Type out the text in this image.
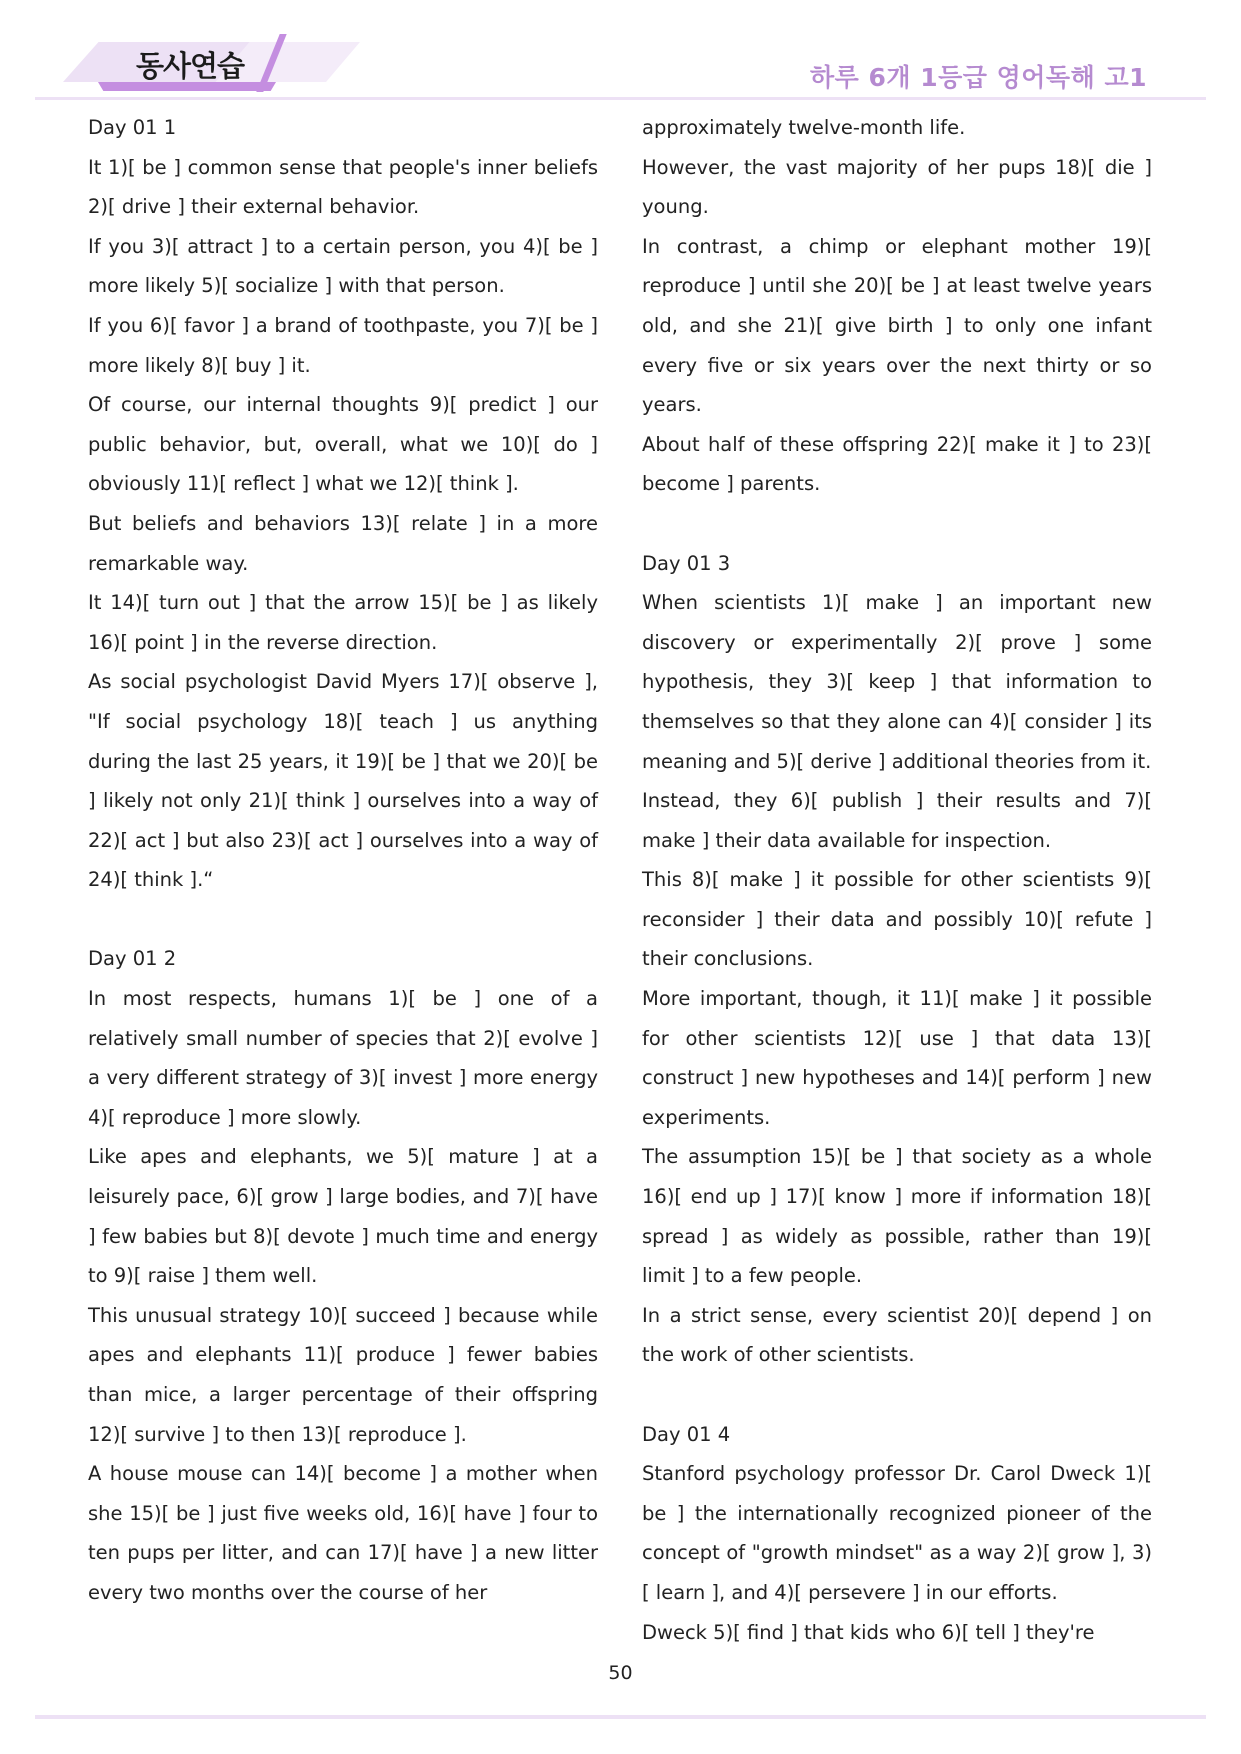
동사연습	하루 6개 1등급 영어독해 고1

Day 01 1

It 1)[ be ] common sense that people's inner beliefs 2)[ drive ] their external behavior.

If you 3)[ attract ] to a certain person, you 4)[ be ] more likely 5)[ socialize ] with that person.

If you 6)[ favor ] a brand of toothpaste, you 7)[ be ] more likely 8)[ buy ] it.

Of course, our internal thoughts 9)[ predict ] our public behavior, but, overall, what we 10)[ do ] obviously 11)[ reflect ] what we 12)[ think ].

But beliefs and behaviors 13)[ relate ] in a more remarkable way.

It 14)[ turn out ] that the arrow 15)[ be ] as likely 16)[ point ] in the reverse direction.

As social psychologist David Myers 17)[ observe ], "If social psychology 18)[ teach ] us anything during the last 25 years, it 19)[ be ] that we 20)[ be ] likely not only 21)[ think ] ourselves into a way of 22)[ act ] but also 23)[ act ] ourselves into a way of 24)[ think ].“

Day 01 2

In most respects, humans 1)[ be ] one of a relatively small number of species that 2)[ evolve ] a very different strategy of 3)[ invest ] more energy 4)[ reproduce ] more slowly.

Like apes and elephants, we 5)[ mature ] at a leisurely pace, 6)[ grow ] large bodies, and 7)[ have ] few babies but 8)[ devote ] much time and energy to 9)[ raise ] them well.

This unusual strategy 10)[ succeed ] because while apes and elephants 11)[ produce ] fewer babies than mice, a larger percentage of their offspring 12)[ survive ] to then 13)[ reproduce ].

A house mouse can 14)[ become ] a mother when she 15)[ be ] just five weeks old, 16)[ have ] four to ten pups per litter, and can 17)[ have ] a new litter every two months over the course of her

approximately twelve-month life.

However, the vast majority of her pups 18)[ die ] young.

In contrast, a chimp or elephant mother 19)[ reproduce ] until she 20)[ be ] at least twelve years old, and she 21)[ give birth ] to only one infant every five or six years over the next thirty or so years.

About half of these offspring 22)[ make it ] to 23)[ become ] parents.

Day 01 3

When scientists 1)[ make ] an important new discovery or experimentally 2)[ prove ] some hypothesis, they 3)[ keep ] that information to themselves so that they alone can 4)[ consider ] its meaning and 5)[ derive ] additional theories from it.

Instead, they 6)[ publish ] their results and 7)[ make ] their data available for inspection.

This 8)[ make ] it possible for other scientists 9)[ reconsider ] their data and possibly 10)[ refute ] their conclusions.

More important, though, it 11)[ make ] it possible for other scientists 12)[ use ] that data 13)[ construct ] new hypotheses and 14)[ perform ] new experiments.

The assumption 15)[ be ] that society as a whole 16)[ end up ] 17)[ know ] more if information 18)[ spread ] as widely as possible, rather than 19)[ limit ] to a few people.

In a strict sense, every scientist 20)[ depend ] on the work of other scientists.

Day 01 4

Stanford psychology professor Dr. Carol Dweck 1)[ be ] the internationally recognized pioneer of the concept of "growth mindset" as a way 2)[ grow ], 3)[ learn ], and 4)[ persevere ] in our efforts.

Dweck 5)[ find ] that kids who 6)[ tell ] they're

50
